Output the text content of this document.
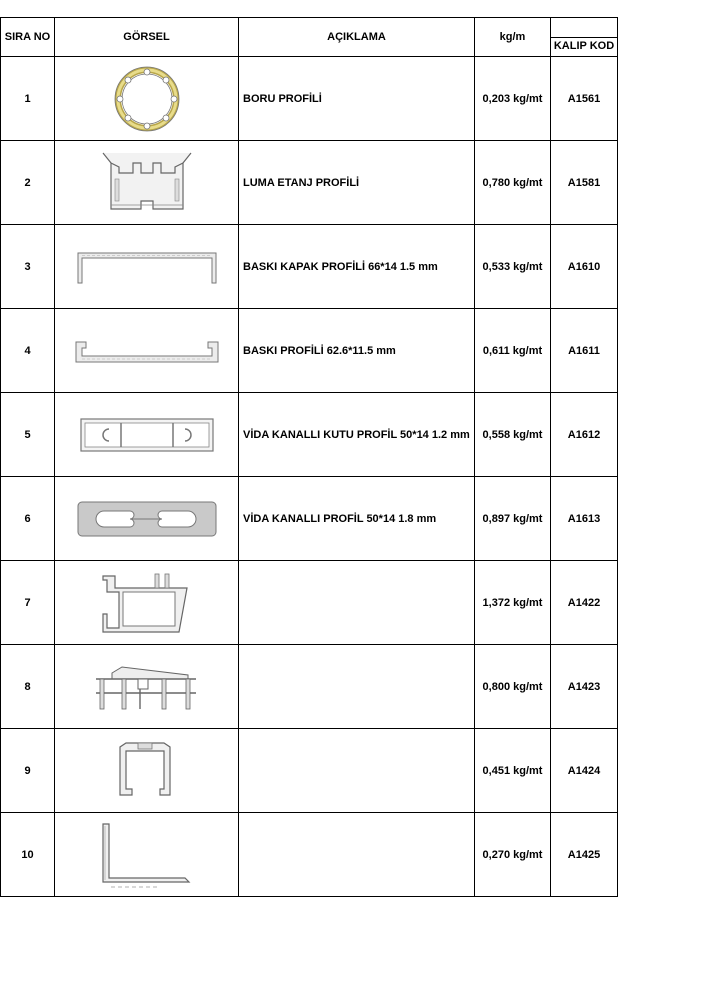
SIRA NO	GÖRSEL	AÇIKLAMA	kg/m	KALIP KOD

1		BORU PROFİLİ	0,203 kg/mt	A1561
2		LUMA ETANJ PROFİLİ	0,780 kg/mt	A1581
3		BASKI KAPAK PROFİLİ 66*14 1.5 mm	0,533 kg/mt	A1610
4		BASKI PROFİLİ 62.6*11.5 mm	0,611 kg/mt	A1611
5		VİDA KANALLI KUTU PROFİL 50*14 1.2 mm	0,558 kg/mt	A1612
6		VİDA KANALLI PROFİL 50*14 1.8 mm	0,897 kg/mt	A1613
7			1,372 kg/mt	A1422
8			0,800 kg/mt	A1423
9			0,451 kg/mt	A1424
10			0,270 kg/mt	A1425
